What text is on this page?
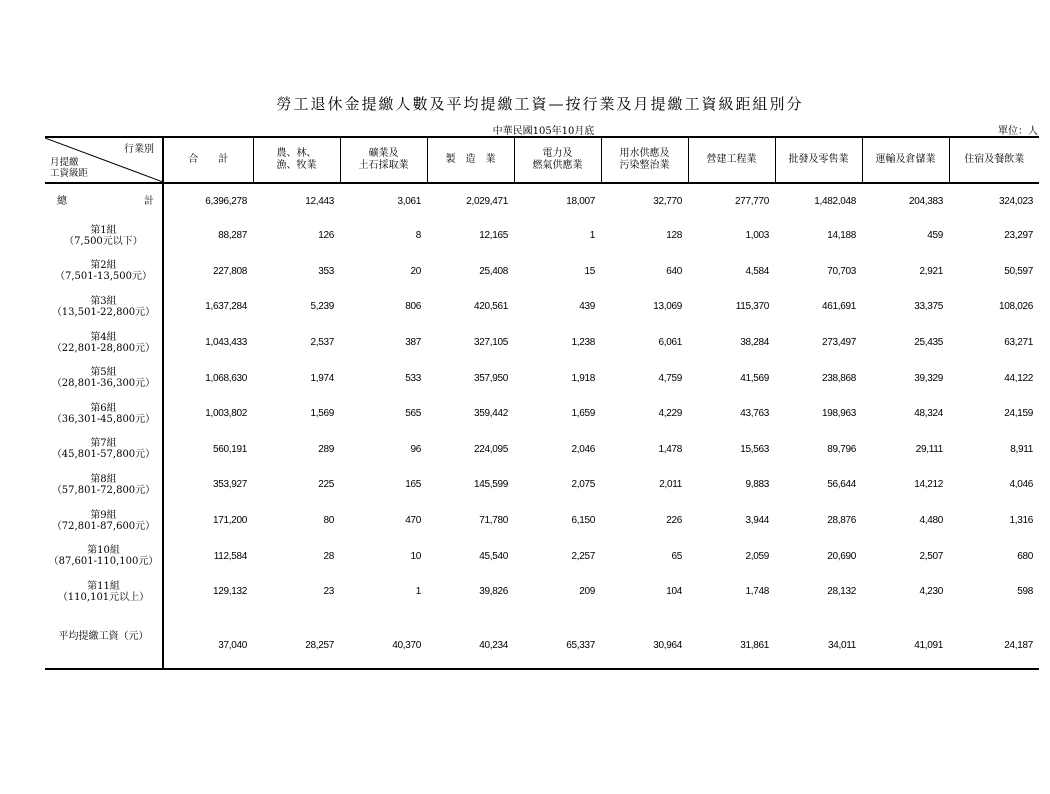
勞工退休金提繳人數及平均提繳工資—按行業及月提繳工資級距組別分
中華民國105年10月底	單位：人
行業別
月提繳
工資級距	合　　計	農、林、
漁、牧業	礦業及
土石採取業	製　造　業	電力及
燃氣供應業	用水供應及
污染整治業	營建工程業	批發及零售業	運輸及倉儲業	住宿及餐飲業
總 計	6,396,278	12,443	3,061	2,029,471	18,007	32,770	277,770	1,482,048	204,383	324,023

第1組
（7,500元以下）	88,287	126	8	12,165	1	128	1,003	14,188	459	23,297

第2組
（7,501-13,500元）	227,808	353	20	25,408	15	640	4,584	70,703	2,921	50,597

第3組
（13,501-22,800元）	1,637,284	5,239	806	420,561	439	13,069	115,370	461,691	33,375	108,026

第4組
（22,801-28,800元）	1,043,433	2,537	387	327,105	1,238	6,061	38,284	273,497	25,435	63,271

第5組
（28,801-36,300元）	1,068,630	1,974	533	357,950	1,918	4,759	41,569	238,868	39,329	44,122

第6組
（36,301-45,800元）	1,003,802	1,569	565	359,442	1,659	4,229	43,763	198,963	48,324	24,159

第7組
（45,801-57,800元）	560,191	289	96	224,095	2,046	1,478	15,563	89,796	29,111	8,911

第8組
（57,801-72,800元）	353,927	225	165	145,599	2,075	2,011	9,883	56,644	14,212	4,046

第9組
（72,801-87,600元）	171,200	80	470	71,780	6,150	226	3,944	28,876	4,480	1,316

第10組
（87,601-110,100元）	112,584	28	10	45,540	2,257	65	2,059	20,690	2,507	680

第11組
（110,101元以上）	129,132	23	1	39,826	209	104	1,748	28,132	4,230	598
平均提繳工資（元）	37,040	28,257	40,370	40,234	65,337	30,964	31,861	34,011	41,091	24,187
